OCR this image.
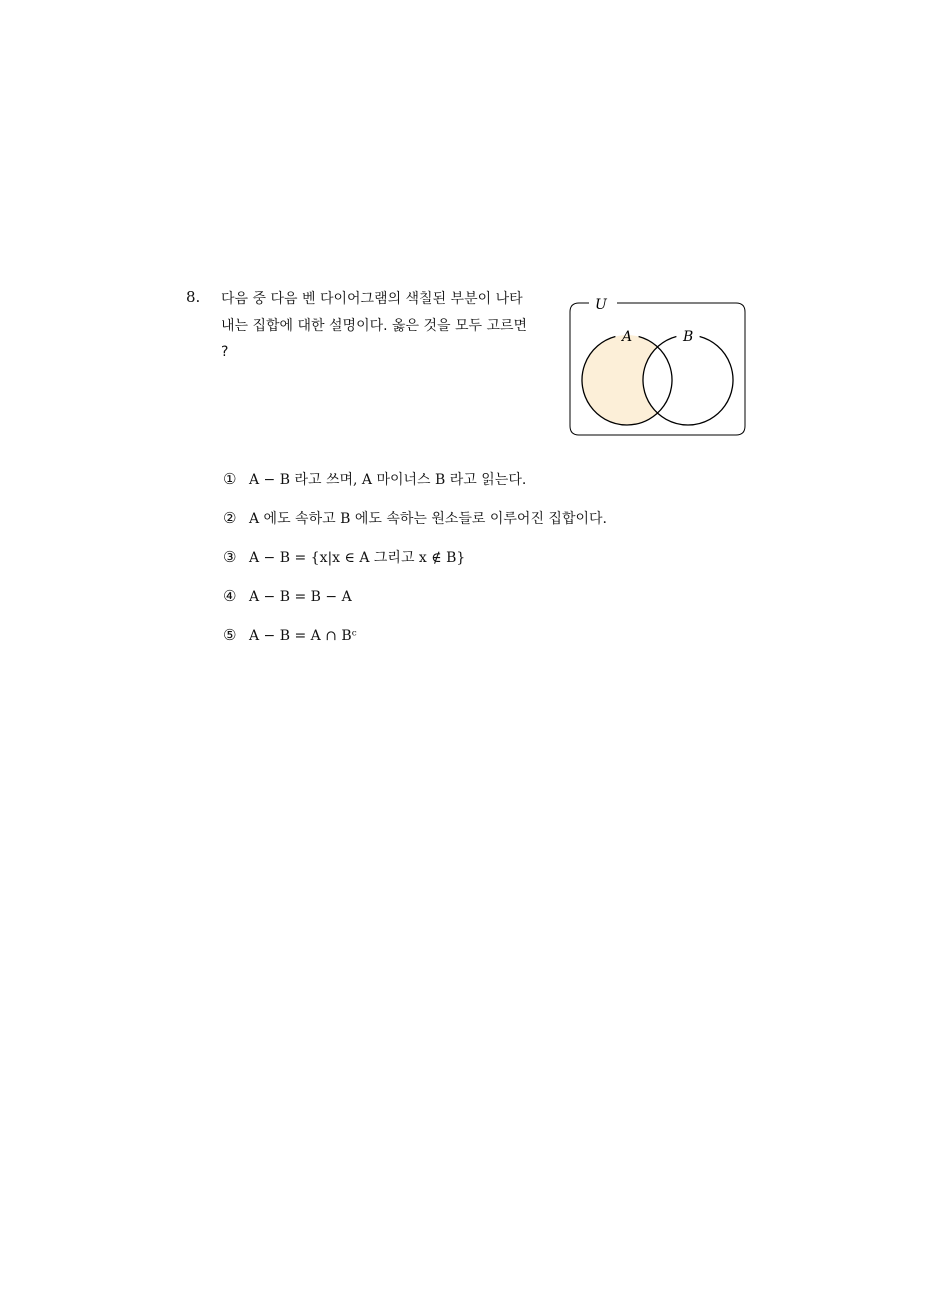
8. 다음 중 다음 벤 다이어그램의 색칠된 부분이 나타
내는 집합에 대한 설명이다. 옳은 것을 모두 고르면
?
U
A	B
① A − B 라고 쓰며, A 마이너스 B 라고 읽는다.
② A 에도 속하고 B 에도 속하는 원소들로 이루어진 집합이다.
③ A − B = {x|x ∈ A 그리고 x ∉ B}
④ A − B = B − A
⑤ A − B = A ∩ Bᶜ
